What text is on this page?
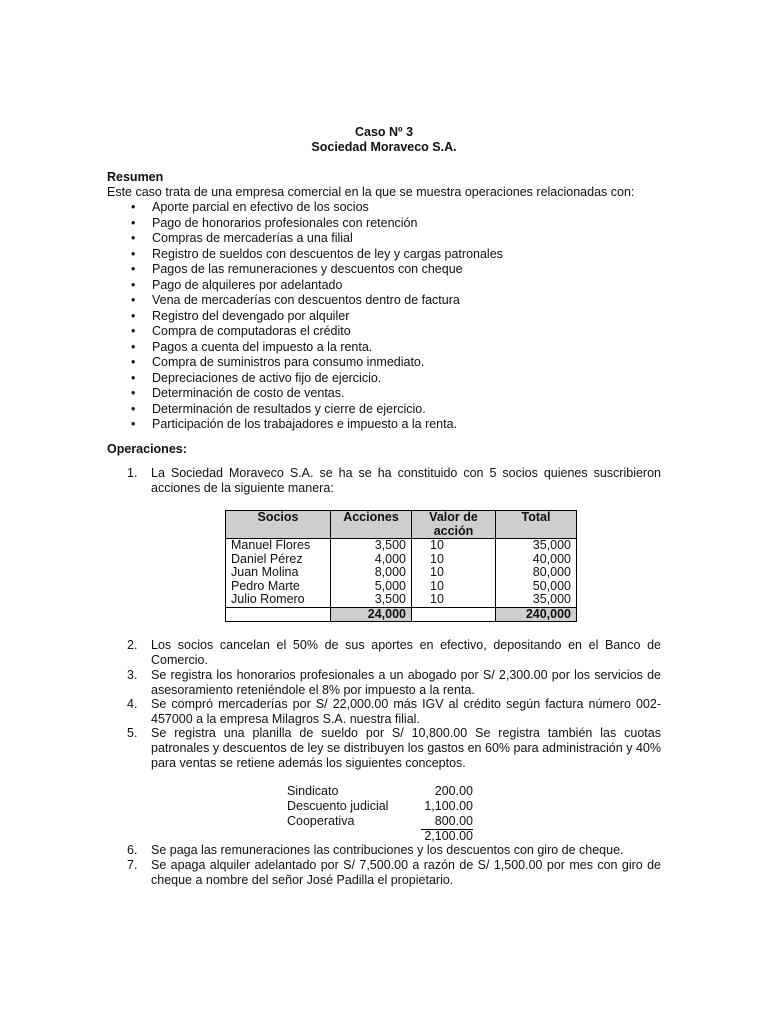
Caso Nº 3
Sociedad Moraveco S.A.
Resumen
Este caso trata de una empresa comercial en la que se muestra operaciones relacionadas con:
• Aporte parcial en efectivo de los socios
• Pago de honorarios profesionales con retención
• Compras de mercaderías a una filial
• Registro de sueldos con descuentos de ley y cargas patronales
• Pagos de las remuneraciones y descuentos con cheque
• Pago de alquileres por adelantado
• Vena de mercaderías con descuentos dentro de factura
• Registro del devengado por alquiler
• Compra de computadoras el crédito
• Pagos a cuenta del impuesto a la renta.
• Compra de suministros para consumo inmediato.
• Depreciaciones de activo fijo de ejercicio.
• Determinación de costo de ventas.
• Determinación de resultados y cierre de ejercicio.
• Participación de los trabajadores e impuesto a la renta.
Operaciones:
1. La Sociedad Moraveco S.A. se ha se ha constituido con 5 socios quienes suscribieron acciones de la siguiente manera:
Socios	Acciones	Valor de acción	Total
Manuel Flores	3,500	10	35,000
Daniel Pérez	4,000	10	40,000
Juan Molina	8,000	10	80,000
Pedro Marte	5,000	10	50,000
Julio Romero	3,500	10	35,000
	24,000		240,000
2. Los socios cancelan el 50% de sus aportes en efectivo, depositando en el Banco de Comercio.
3. Se registra los honorarios profesionales a un abogado por S/ 2,300.00 por los servicios de asesoramiento reteniéndole el 8% por impuesto a la renta.
4. Se compró mercaderías por S/ 22,000.00 más IGV al crédito según factura número 002-457000 a la empresa Milagros S.A. nuestra filial.
5. Se registra una planilla de sueldo por S/ 10,800.00 Se registra también las cuotas patronales y descuentos de ley se distribuyen los gastos en 60% para administración y 40% para ventas se retiene además los siguientes conceptos.
Sindicato	200.00
Descuento judicial	1,100.00
Cooperativa	800.00
2,100.00
6. Se paga las remuneraciones las contribuciones y los descuentos con giro de cheque.
7. Se apaga alquiler adelantado por S/ 7,500.00 a razón de S/ 1,500.00 por mes con giro de cheque a nombre del señor José Padilla el propietario.
